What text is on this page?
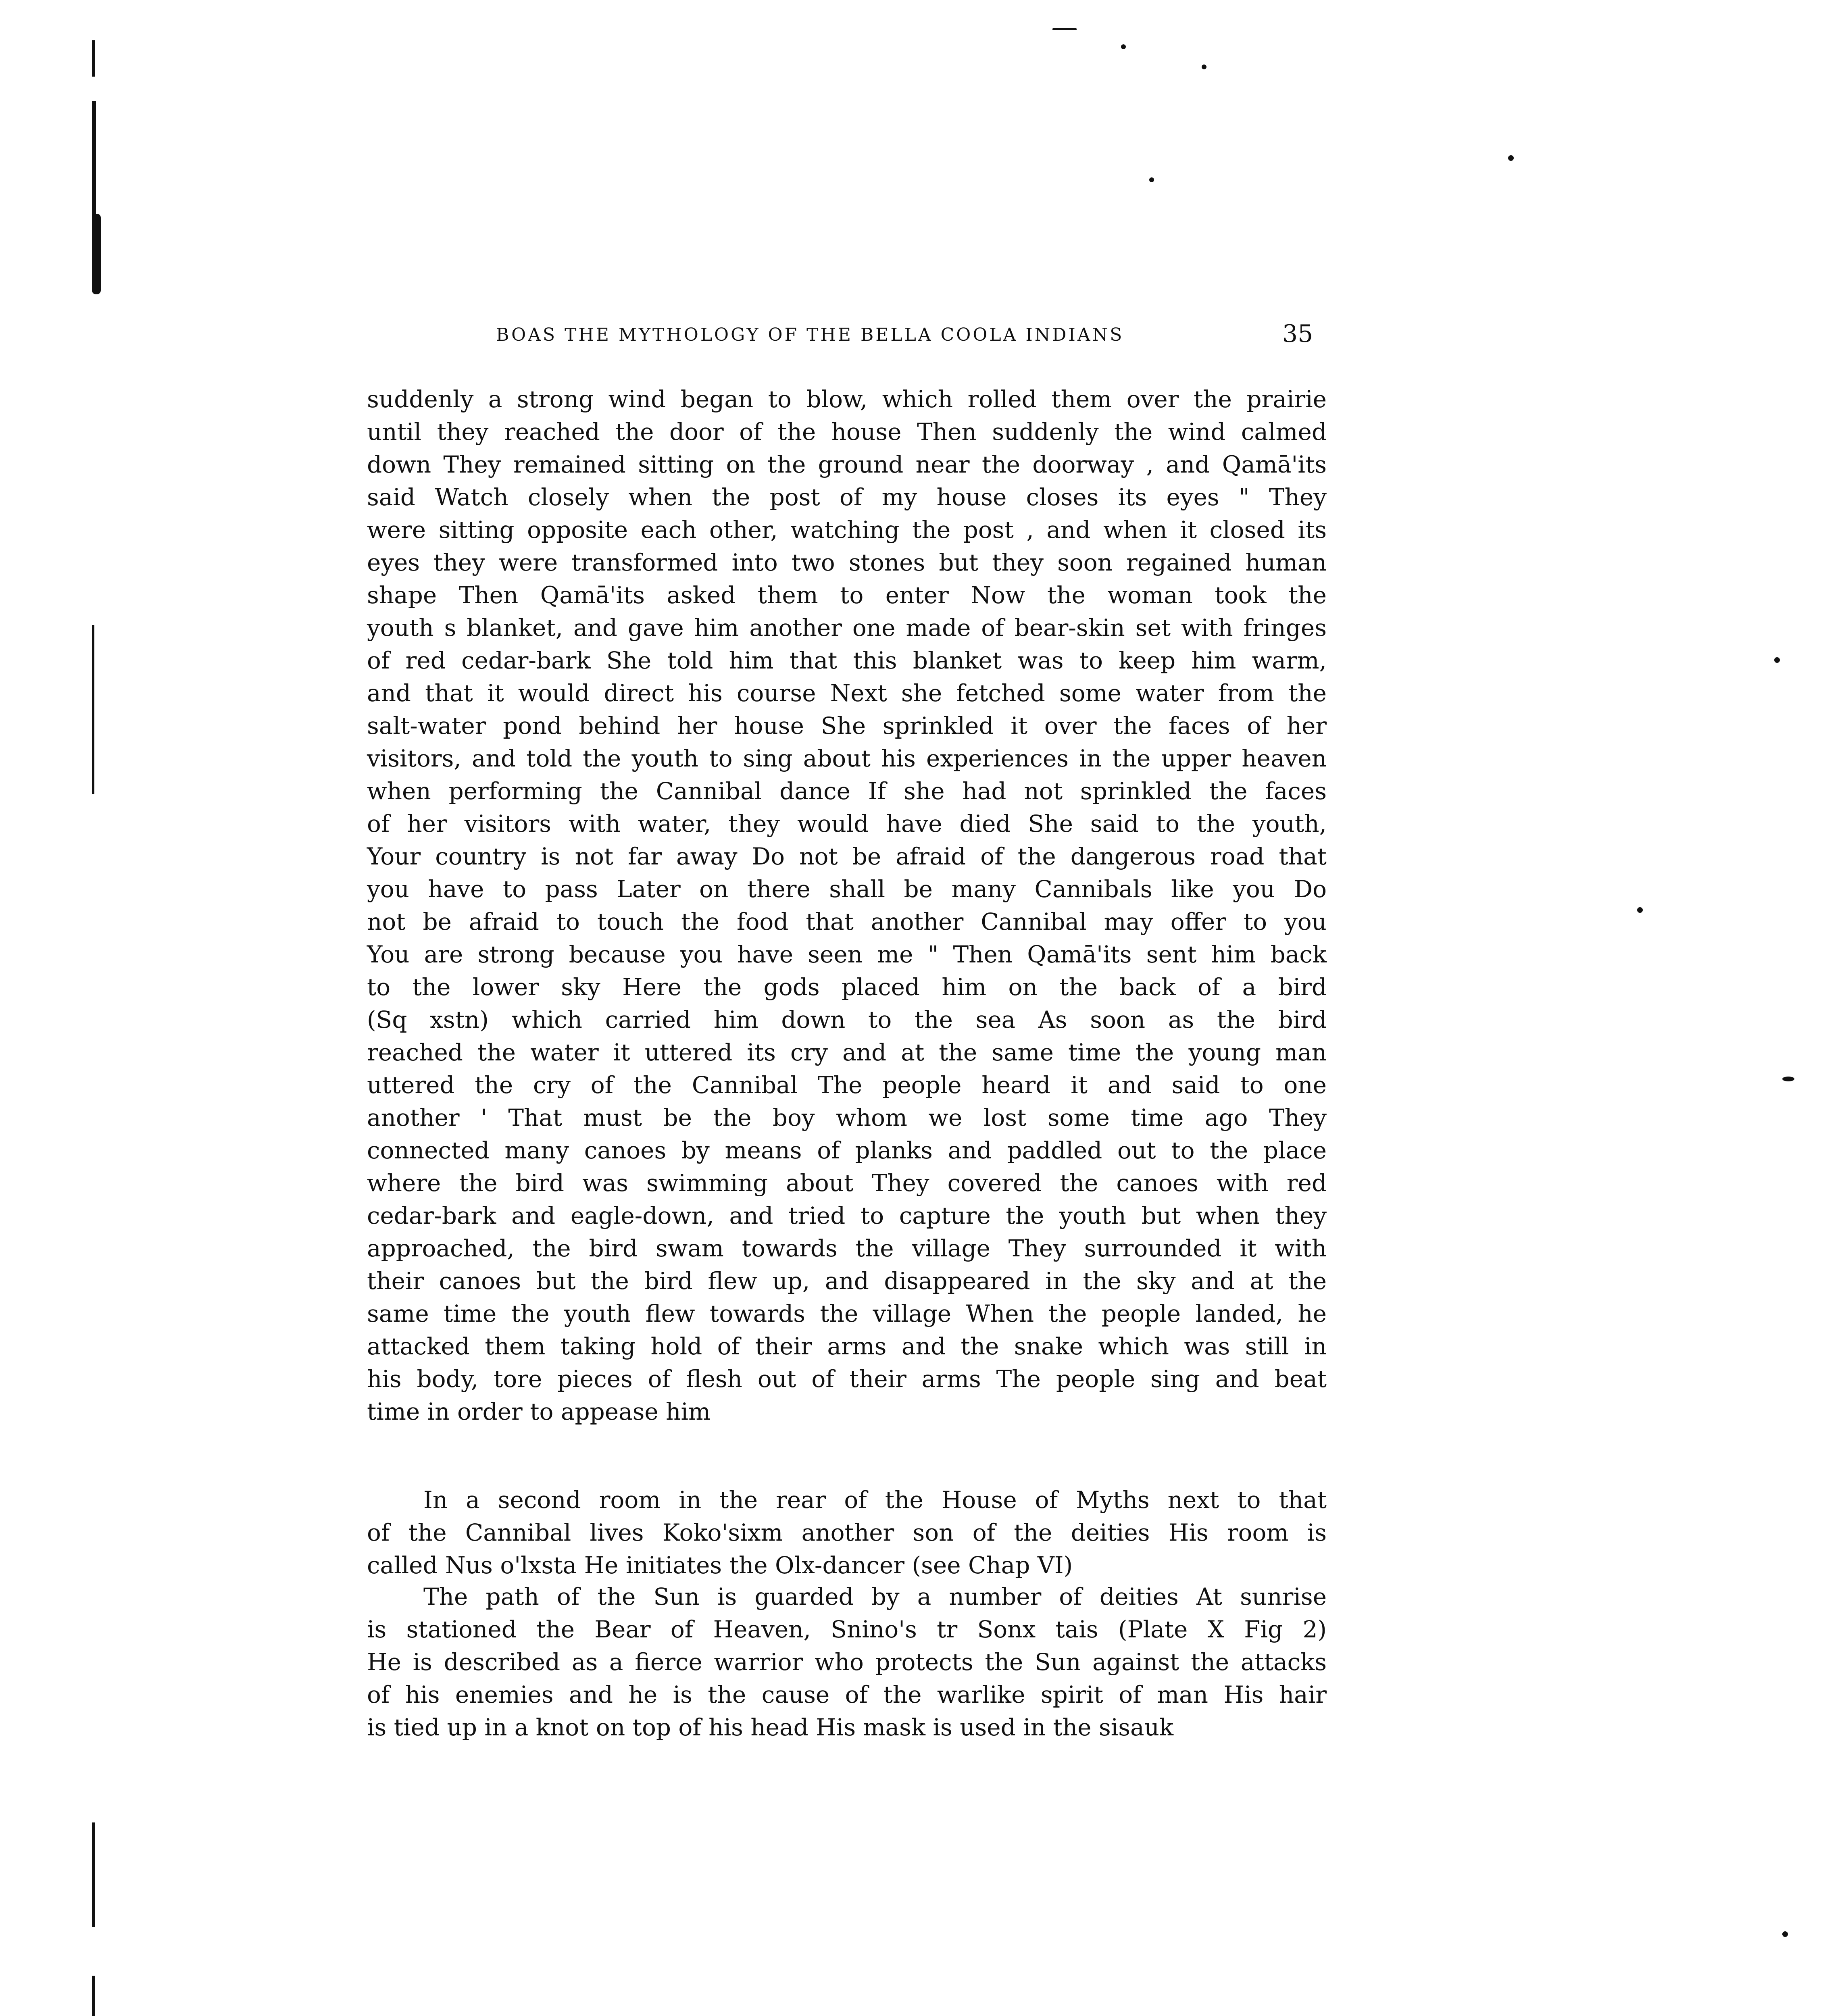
BOAS THE MYTHOLOGY OF THE BELLA COOLA INDIANS	35

suddenly a strong wind began to blow, which rolled them over the prairie

until they reached the door of the house Then suddenly the wind calmed

down They remained sitting on the ground near the doorway , and Qamā'its

said Watch closely when the post of my house closes its eyes " They

were sitting opposite each other, watching the post , and when it closed its

eyes they were transformed into two stones but they soon regained human

shape Then Qamā'its asked them to enter Now the woman took the

youth s blanket, and gave him another one made of bear-skin set with fringes

of red cedar-bark She told him that this blanket was to keep him warm,

and that it would direct his course Next she fetched some water from the

salt-water pond behind her house She sprinkled it over the faces of her

visitors, and told the youth to sing about his experiences in the upper heaven

when performing the Cannibal dance If she had not sprinkled the faces

of her visitors with water, they would have died She said to the youth,

Your country is not far away Do not be afraid of the dangerous road that

you have to pass Later on there shall be many Cannibals like you Do

not be afraid to touch the food that another Cannibal may offer to you

You are strong because you have seen me " Then Qamā'its sent him back

to the lower sky Here the gods placed him on the back of a bird

(Sq xstn) which carried him down to the sea As soon as the bird

reached the water it uttered its cry and at the same time the young man

uttered the cry of the Cannibal The people heard it and said to one

another ' That must be the boy whom we lost some time ago They

connected many canoes by means of planks and paddled out to the place

where the bird was swimming about They covered the canoes with red

cedar-bark and eagle-down, and tried to capture the youth but when they

approached, the bird swam towards the village They surrounded it with

their canoes but the bird flew up, and disappeared in the sky and at the

same time the youth flew towards the village When the people landed, he

attacked them taking hold of their arms and the snake which was still in

his body, tore pieces of flesh out of their arms The people sing and beat

time in order to appease him

In a second room in the rear of the House of Myths next to that

of the Cannibal lives Koko'sixm another son of the deities His room is

called Nus o'lxsta He initiates the Olx-dancer (see Chap VI)

The path of the Sun is guarded by a number of deities At sunrise

is stationed the Bear of Heaven, Snino's tr Sonx tais (Plate X Fig 2)

He is described as a fierce warrior who protects the Sun against the attacks

of his enemies and he is the cause of the warlike spirit of man His hair

is tied up in a knot on top of his head His mask is used in the sisauk
